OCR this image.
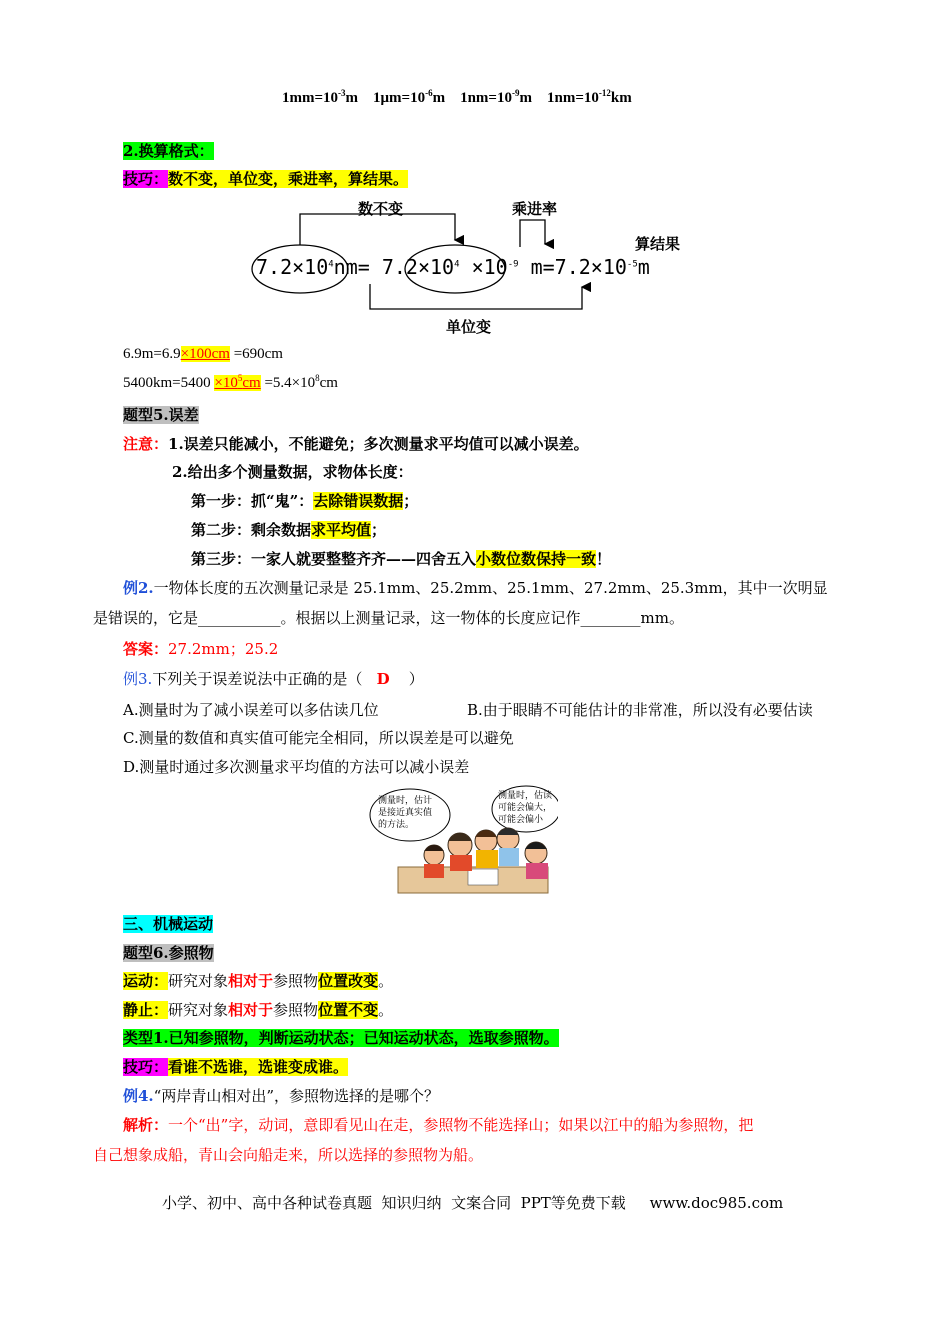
$1mm=10^{-3}m$ $1\mu m=10^{-6}m$ $1nm=10^{-9}m$ $1nm=10^{-12}km$
2.换算格式：
技巧：数不变，单位变，乘进率，算结果。
数不变	乘进率
算结果
单位变
$7.2\times 10^4nm= 7.2\times 10^4 \times 10^{-9}$ $m=7.2\times 10^{-5}m$
6.9m=6.9×100cm =690cm
$5400km=5400 \times 10^5cm =5.4\times 10^8cm$
题型5.误差
注意：1.误差只能减小，不能避免；多次测量求平均值可以减小误差。
2.给出多个测量数据，求物体长度：
第一步：抓“鬼”：去除错误数据；
第二步：剩余数据求平均值；
第三步：一家人就要整整齐齐——四舍五入小数位数保持一致！
例2.一物体长度的五次测量记录是 25.1mm、25.2mm、25.1mm、27.2mm、25.3mm，其中一次明显
是错误的，它是___________。根据以上测量记录，这一物体的长度应记作________mm。
答案：27.2mm；25.2
例3.下列关于误差说法中正确的是（ D ）
A.测量时为了减小误差可以多估读几位	B.由于眼睛不可能估计的非常准，所以没有必要估读
C.测量的数值和真实值可能完全相同，所以误差是可以避免
D.测量时通过多次测量求平均值的方法可以减小误差
测量时，估计
是接近真实值
的方法。
测量时，估读
可能会偏大，
可能会偏小
三、机械运动
题型6.参照物
运动：研究对象相对于参照物位置改变。
静止：研究对象相对于参照物位置不变。
类型1.已知参照物，判断运动状态；已知运动状态，选取参照物。
技巧：看谁不选谁，选谁变成谁。
例4.“两岸青山相对出”，参照物选择的是哪个？
解析：一个“出”字，动词，意即看见山在走，参照物不能选择山；如果以江中的船为参照物，把
自己想象成船，青山会向船走来，所以选择的参照物为船。
小学、初中、高中各种试卷真题  知识归纳  文案合同  PPT等免费下载     www.doc985.com
